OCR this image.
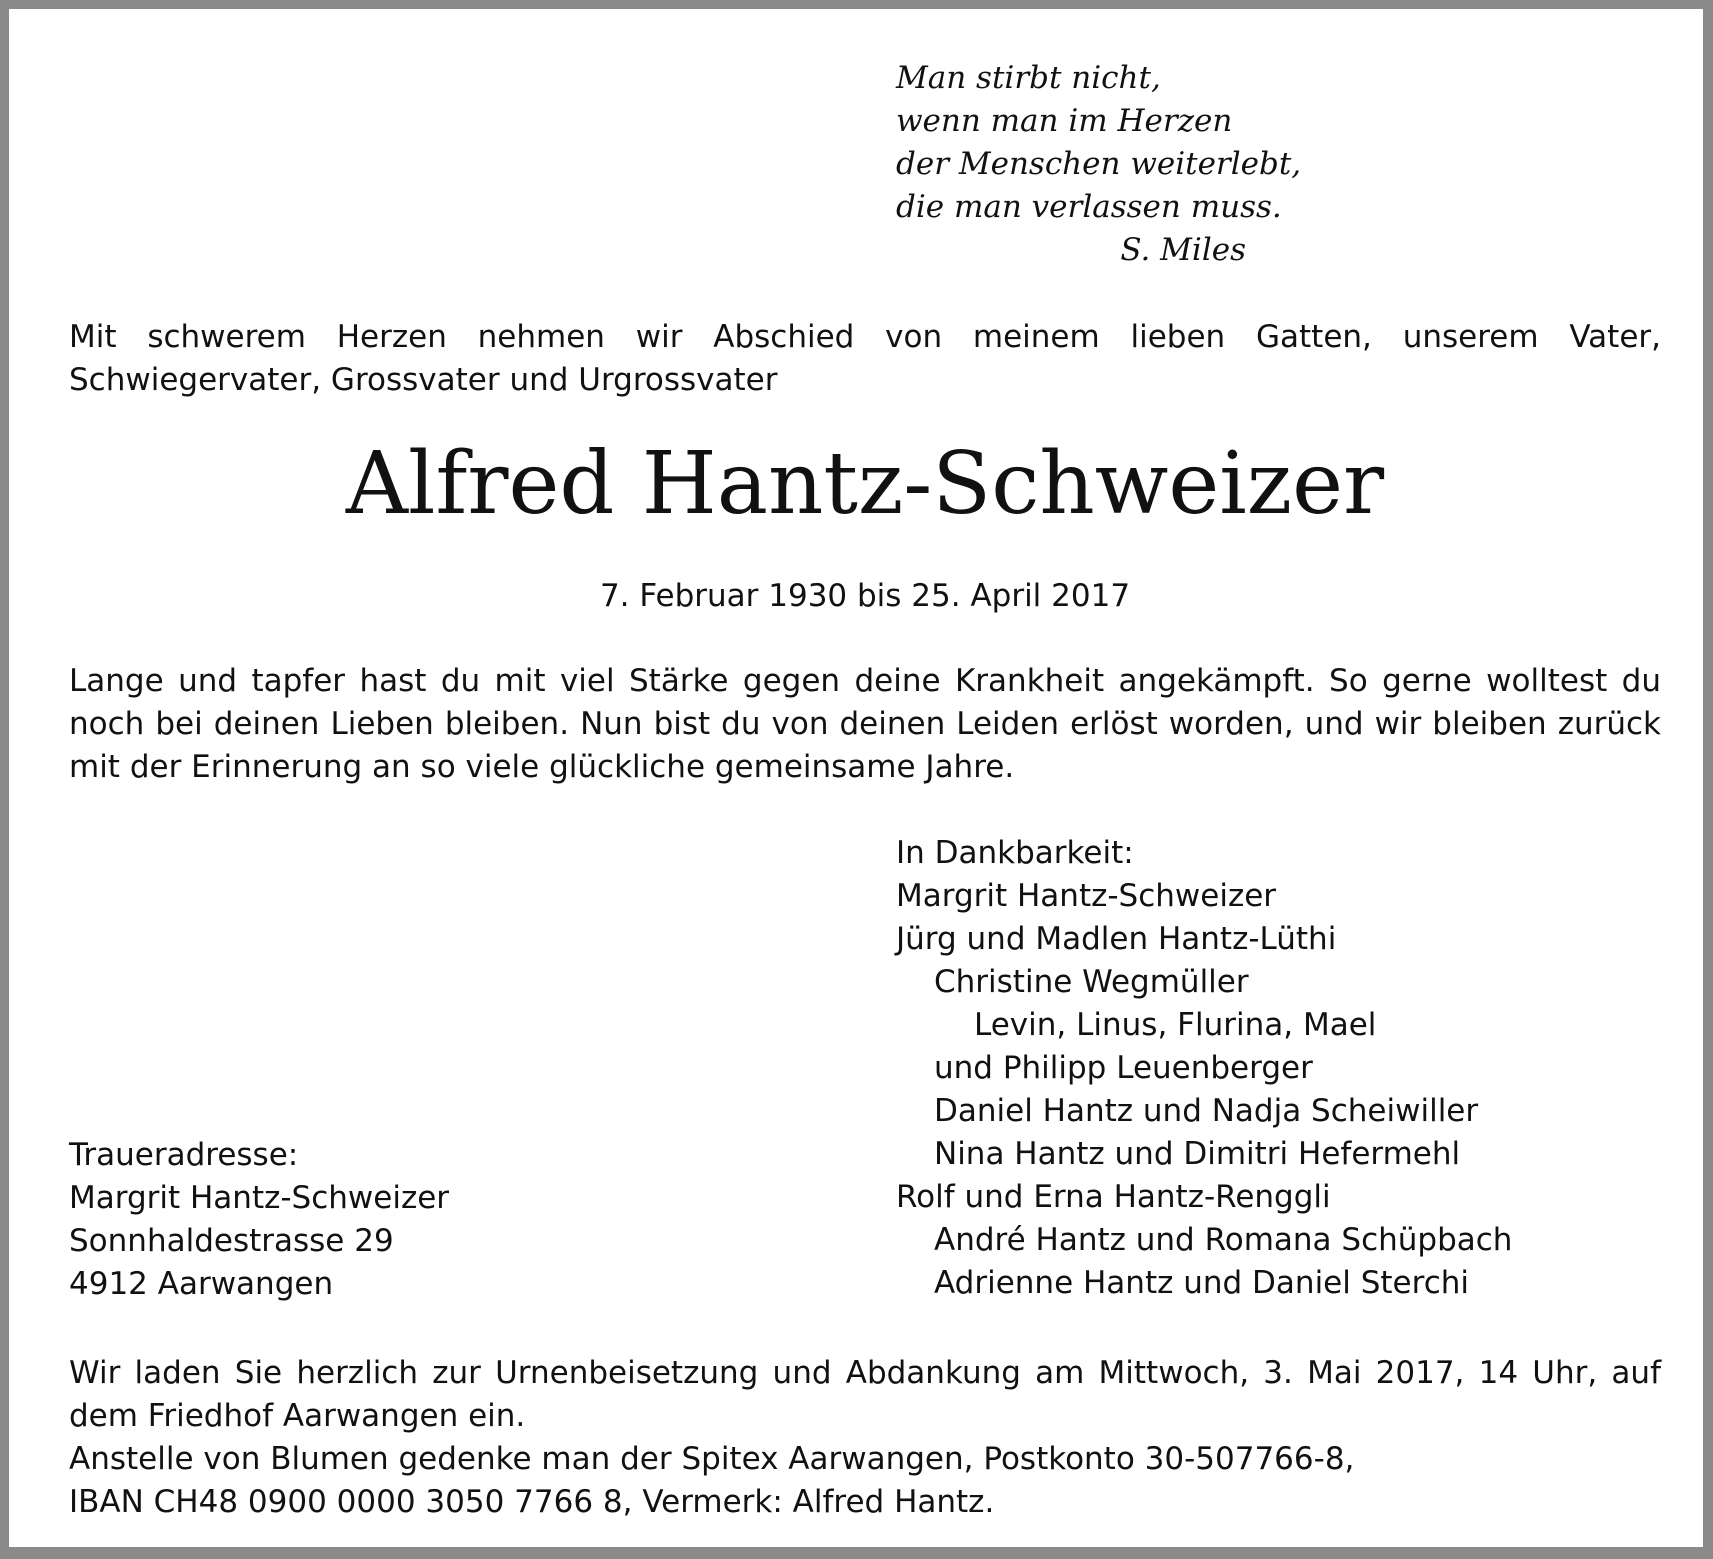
Man stirbt nicht,
wenn man im Herzen
der Menschen weiterlebt,
die man verlassen muss.
S. Miles
Mit schwerem Herzen nehmen wir Abschied von meinem lieben Gatten, unserem Vater, Schwiegervater, Grossvater und Urgrossvater
Alfred Hantz-Schweizer
7. Februar 1930 bis 25. April 2017
Lange und tapfer hast du mit viel Stärke gegen deine Krankheit angekämpft. So gerne wolltest du noch bei deinen Lieben bleiben. Nun bist du von deinen Leiden erlöst worden, und wir bleiben zurück mit der Erinnerung an so viele glückliche gemeinsame Jahre.
In Dankbarkeit:
Margrit Hantz-Schweizer
Jürg und Madlen Hantz-Lüthi
Christine Wegmüller
Levin, Linus, Flurina, Mael
und Philipp Leuenberger
Daniel Hantz und Nadja Scheiwiller
Nina Hantz und Dimitri Hefermehl
Rolf und Erna Hantz-Renggli
André Hantz und Romana Schüpbach
Adrienne Hantz und Daniel Sterchi
Traueradresse:
Margrit Hantz-Schweizer
Sonnhaldestrasse 29
4912 Aarwangen

Wir laden Sie herzlich zur Urnenbeisetzung und Abdankung am Mittwoch, 3. Mai 2017, 14 Uhr, auf dem Friedhof Aarwangen ein.

Anstelle von Blumen gedenke man der Spitex Aarwangen, Postkonto 30-507766-8,
IBAN CH48 0900 0000 3050 7766 8, Vermerk: Alfred Hantz.
